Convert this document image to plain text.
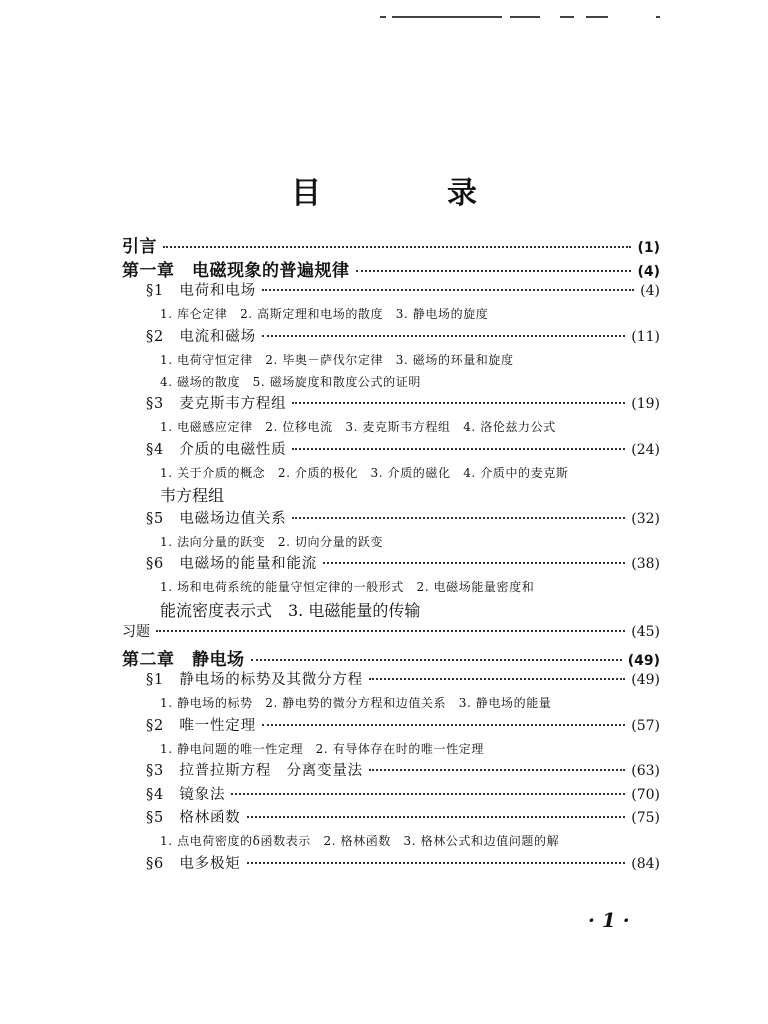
目　录
引言	(1)
第一章　电磁现象的普遍规律	(4)
§1　电荷和电场	(4)
1. 库仑定律　2. 高斯定理和电场的散度　3. 静电场的旋度
§2　电流和磁场	(11)
1. 电荷守恒定律　2. 毕奥－萨伐尔定律　3. 磁场的环量和旋度
4. 磁场的散度　5. 磁场旋度和散度公式的证明
§3　麦克斯韦方程组	(19)
1. 电磁感应定律　2. 位移电流　3. 麦克斯韦方程组　4. 洛伦兹力公式
§4　介质的电磁性质	(24)
1. 关于介质的概念　2. 介质的极化　3. 介质的磁化　4. 介质中的麦克斯
韦方程组
§5　电磁场边值关系	(32)
1. 法向分量的跃变　2. 切向分量的跃变
§6　电磁场的能量和能流	(38)
1. 场和电荷系统的能量守恒定律的一般形式　2. 电磁场能量密度和
能流密度表示式　3. 电磁能量的传输
习题	(45)
第二章　静电场	(49)
§1　静电场的标势及其微分方程	(49)
1. 静电场的标势　2. 静电势的微分方程和边值关系　3. 静电场的能量
§2　唯一性定理	(57)
1. 静电问题的唯一性定理　2. 有导体存在时的唯一性定理
§3　拉普拉斯方程　分离变量法	(63)
§4　镜象法	(70)
§5　格林函数	(75)
1. 点电荷密度的δ函数表示　2. 格林函数　3. 格林公式和边值问题的解
§6　电多极矩	(84)
· 1 ·
